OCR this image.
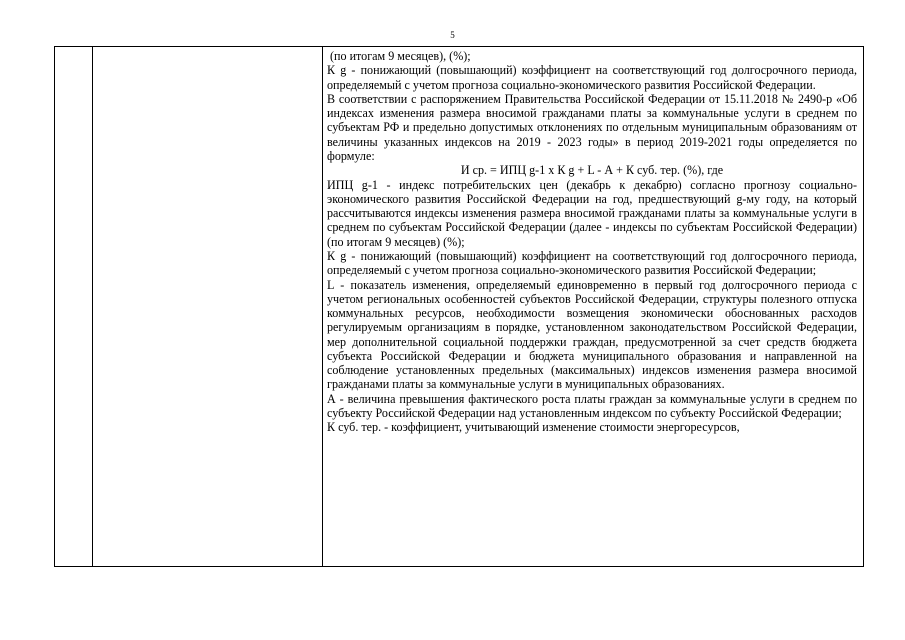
5

(по итогам 9 месяцев), (%);

К g - понижающий (повышающий) коэффициент на соответствующий год долгосрочного периода, определяемый с учетом прогноза социально-экономического развития Российской Федерации.

В соответствии с распоряжением Правительства Российской Федерации от 15.11.2018 № 2490-р «Об индексах изменения размера вносимой гражданами платы за коммунальные услуги в среднем по субъектам РФ и предельно допустимых отклонениях по отдельным муниципальным образованиям от величины указанных индексов на 2019 - 2023 годы» в период 2019-2021 годы определяется по формуле:

И ср. = ИПЦ g-1 х К g + L - А + К суб. тер. (%), где

ИПЦ g-1 - индекс потребительских цен (декабрь к декабрю) согласно прогнозу социально-экономического развития Российской Федерации на год, предшествующий g-му году, на который рассчитываются индексы изменения размера вносимой гражданами платы за коммунальные услуги в среднем по субъектам Российской Федерации (далее - индексы по субъектам Российской Федерации) (по итогам 9 месяцев) (%);

К g - понижающий (повышающий) коэффициент на соответствующий год долгосрочного периода, определяемый с учетом прогноза социально-экономического развития Российской Федерации;

L - показатель изменения, определяемый единовременно в первый год долгосрочного периода с учетом региональных особенностей субъектов Российской Федерации, структуры полезного отпуска коммунальных ресурсов, необходимости возмещения экономически обоснованных расходов регулируемым организациям в порядке, установленном законодательством Российской Федерации, мер дополнительной социальной поддержки граждан, предусмотренной за счет средств бюджета субъекта Российской Федерации и бюджета муниципального образования и направленной на соблюдение установленных предельных (максимальных) индексов изменения размера вносимой гражданами платы за коммунальные услуги в муниципальных образованиях.

А - величина превышения фактического роста платы граждан за коммунальные услуги в среднем по субъекту Российской Федерации над установленным индексом по субъекту Российской Федерации;

К суб. тер. - коэффициент, учитывающий изменение стоимости энергоресурсов,
